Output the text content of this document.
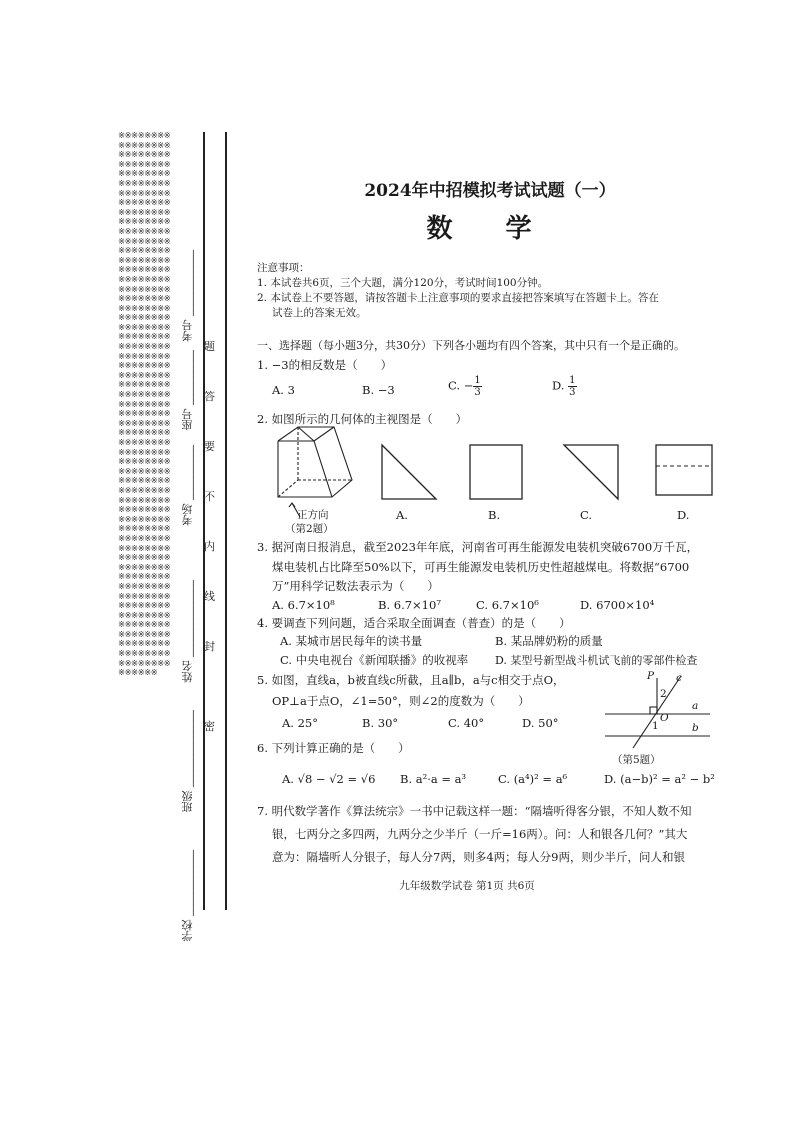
※※※※※※※※※※※※※※※※※※※※※※※※※※※※※※※※※※※※※※※※※※※※※※※※※※※※※※※※※※※※※※※※※※※※※※※※※※※※※※※※※※※※※※※※※※※※※※※※※※※※※※※※※※※※※※※※※※※※※※※※※※※※※※※※※※※※※※※※※※※※※※※※※※※※※※※※※※※※※※※※※※※※※※※※※※※※※※※※※※※※※※※※※※※※※※※※※※※※※※※※※※※※※※※※※※※※※※※※※※※※※※※※※※※※※※※※※※※※※※※※※※※※※※※※※※※※※※※※※※※※※※※※※※※※※※※※※※※※※※※※※※※※※※※※※※※※※※※※※※※※※※※※※※※※※※※※※※※※※※※※※※※※※※※※※※※※※※※※※※※※※※※※※※※※※※※※※※※※※※※※※※※※※※※※※※※※※※※※※※※※※※※※※※※※※※※※※※※※※※※※※※※※※※※※※※※※※※※※※※※※※※※※※※※※※※※※※※※※※※※※※※※※※※※※※※※※※※
考号 ____________
座号 __________
考场 __________
姓名 ______________
班级 ______________
学校 ____________
题
答
要
不
内
线
封
密
2024年中招模拟考试试题（一）
数 学
注意事项：
1. 本试卷共6页，三个大题，满分120分，考试时间100分钟。
2. 本试卷上不要答题，请按答题卡上注意事项的要求直接把答案填写在答题卡上。答在
试卷上的答案无效。
一、选择题（每小题3分，共30分）下列各小题均有四个答案，其中只有一个是正确的。
1. −3的相反数是（　　）
A. 3	B. −3	C. − $\frac{1}{3}$	D. $\frac{1}{3}$
2. 如图所示的几何体的主视图是（　　）
正方向
（第2题）
A.	B.	C.	D.
3. 据河南日报消息，截至2023年年底，河南省可再生能源发电装机突破6700万千瓦，
煤电装机占比降至50%以下，可再生能源发电装机历史性超越煤电。将数据“6700
万”用科学记数法表示为（　　）
A. 6.7×10⁸	B. 6.7×10⁷	C. 6.7×10⁶	D. 6700×10⁴
4. 要调查下列问题，适合采取全面调查（普查）的是（　　）
A. 某城市居民每年的读书量	B. 某品牌奶粉的质量
C. 中央电视台《新闻联播》的收视率 D. 某型号新型战斗机试飞前的零部件检查
5. 如图，直线a，b被直线c所截，且a∥b，a与c相交于点O，
OP⊥a于点O，∠1=50°，则∠2的度数为（　　）
A. 25°	B. 30°	C. 40°	D. 50°
P c
2
O
a
1	b
（第5题）
6. 下列计算正确的是（　　）
A. √8 − √2 = √6 B. a²·a = a³	C. (a⁴)² = a⁶	D. (a−b)² = a² − b²
7. 明代数学著作《算法统宗》一书中记载这样一题：“隔墙听得客分银，不知人数不知
银，七两分之多四两，九两分之少半斤（一斤=16两）。问：人和银各几何？”其大
意为：隔墙听人分银子，每人分7两，则多4两；每人分9两，则少半斤，问人和银
九年级数学试卷 第1页 共6页
